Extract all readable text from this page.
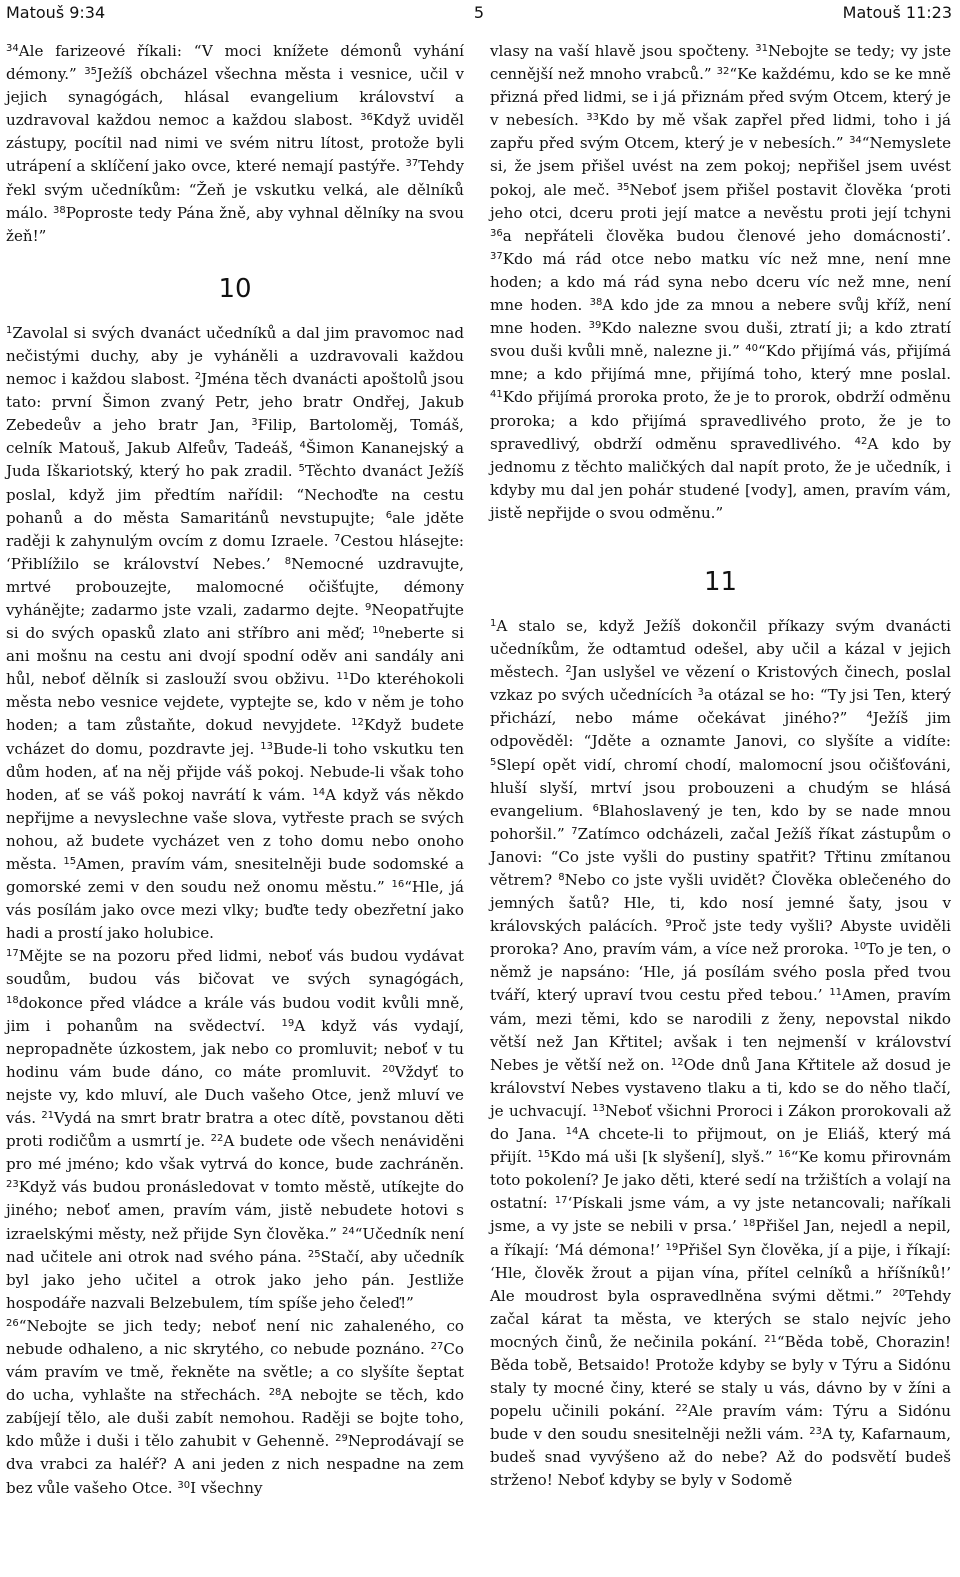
Matouš 9:34	5	Matouš 11:23

$^{34}$Ale farizeové říkali: “V moci knížete démonů vyhání démony.” $^{35}$Ježíš obcházel všechna města i vesnice, učil v jejich synagógách, hlásal evangelium království a uzdravoval každou nemoc a každou slabost. $^{36}$Když uviděl zástupy, pocítil nad nimi ve svém nitru lítost, protože byli utrápení a sklíčení jako ovce, které nemají pastýře. $^{37}$Tehdy řekl svým učedníkům: “Žeň je vskutku velká, ale dělníků málo. $^{38}$Poproste tedy Pána žně, aby vyhnal dělníky na svou žeň!”

10

$^1$Zavolal si svých dvanáct učedníků a dal jim pravomoc nad nečistými duchy, aby je vyháněli a uzdravovali každou nemoc i každou slabost. $^2$Jména těch dvanácti apoštolů jsou tato: první Šimon zvaný Petr, jeho bratr Ondřej, Jakub Zebedeův a jeho bratr Jan, $^3$Filip, Bartoloměj, Tomáš, celník Matouš, Jakub Alfeův, Tadeáš, $^4$Šimon Kananejský a Juda Iškariotský, který ho pak zradil. $^5$Těchto dvanáct Ježíš poslal, když jim předtím nařídil: “Nechoďte na cestu pohanů a do města Samaritánů nevstupujte; $^6$ale jděte raději k zahynulým ovcím z domu Izraele. $^7$Cestou hlásejte: ‘Přiblížilo se království Nebes.’ $^8$Nemocné uzdravujte, mrtvé probouzejte, malomocné očišťujte, démony vyhánějte; zadarmo jste vzali, zadarmo dejte. $^9$Neopatřujte si do svých opasků zlato ani stříbro ani měď; $^{10}$neberte si ani mošnu na cestu ani dvojí spodní oděv ani sandály ani hůl, neboť dělník si zaslouží svou obživu. $^{11}$Do kteréhokoli města nebo vesnice vejdete, vyptejte se, kdo v něm je toho hoden; a tam zůstaňte, dokud nevyjdete. $^{12}$Když budete vcházet do domu, pozdravte jej. $^{13}$Bude-li toho vskutku ten dům hoden, ať na něj přijde váš pokoj. Nebude-li však toho hoden, ať se váš pokoj navrátí k vám. $^{14}$A když vás někdo nepřijme a nevyslechne vaše slova, vytřeste prach se svých nohou, až budete vycházet ven z toho domu nebo onoho města. $^{15}$Amen, pravím vám, snesitelněji bude sodomské a gomorské zemi v den soudu než onomu městu.” $^{16}$“Hle, já vás posílám jako ovce mezi vlky; buďte tedy obezřetní jako hadi a prostí jako holubice.

$^{17}$Mějte se na pozoru před lidmi, neboť vás budou vydávat soudům, budou vás bičovat ve svých synagógách, $^{18}$dokonce před vládce a krále vás budou vodit kvůli mně, jim i pohanům na svědectví. $^{19}$A když vás vydají, nepropadněte úzkostem, jak nebo co promluvit; neboť v tu hodinu vám bude dáno, co máte promluvit. $^{20}$Vždyť to nejste vy, kdo mluví, ale Duch vašeho Otce, jenž mluví ve vás. $^{21}$Vydá na smrt bratr bratra a otec dítě, povstanou děti proti rodičům a usmrtí je. $^{22}$A budete ode všech nenáviděni pro mé jméno; kdo však vytrvá do konce, bude zachráněn. $^{23}$Když vás budou pronásledovat v tomto městě, utíkejte do jiného; neboť amen, pravím vám, jistě nebudete hotovi s izraelskými městy, než přijde Syn člověka.” $^{24}$“Učedník není nad učitele ani otrok nad svého pána. $^{25}$Stačí, aby učedník byl jako jeho učitel a otrok jako jeho pán. Jestliže hospodáře nazvali Belzebulem, tím spíše jeho čeleď!”

$^{26}$“Nebojte se jich tedy; neboť není nic zahaleného, co nebude odhaleno, a nic skrytého, co nebude poznáno. $^{27}$Co vám pravím ve tmě, řekněte na světle; a co slyšíte šeptat do ucha, vyhlašte na střechách. $^{28}$A nebojte se těch, kdo zabíjejí tělo, ale duši zabít nemohou. Raději se bojte toho, kdo může i duši i tělo zahubit v Gehenně. $^{29}$Neprodávají se dva vrabci za haléř? A ani jeden z nich nespadne na zem bez vůle vašeho Otce. $^{30}$I všechny

vlasy na vaší hlavě jsou spočteny. $^{31}$Nebojte se tedy; vy jste cennější než mnoho vrabců.” $^{32}$“Ke každému, kdo se ke mně přizná před lidmi, se i já přiznám před svým Otcem, který je v nebesích. $^{33}$Kdo by mě však zapřel před lidmi, toho i já zapřu před svým Otcem, který je v nebesích.” $^{34}$“Nemyslete si, že jsem přišel uvést na zem pokoj; nepřišel jsem uvést pokoj, ale meč. $^{35}$Neboť jsem přišel postavit člověka ‘proti jeho otci, dceru proti její matce a nevěstu proti její tchyni $^{36}$a nepřáteli člověka budou členové jeho domácnosti’. $^{37}$Kdo má rád otce nebo matku víc než mne, není mne hoden; a kdo má rád syna nebo dceru víc než mne, není mne hoden. $^{38}$A kdo jde za mnou a nebere svůj kříž, není mne hoden. $^{39}$Kdo nalezne svou duši, ztratí ji; a kdo ztratí svou duši kvůli mně, nalezne ji.” $^{40}$“Kdo přijímá vás, přijímá mne; a kdo přijímá mne, přijímá toho, který mne poslal. $^{41}$Kdo přijímá proroka proto, že je to prorok, obdrží odměnu proroka; a kdo přijímá spravedlivého proto, že je to spravedlivý, obdrží odměnu spravedlivého. $^{42}$A kdo by jednomu z těchto maličkých dal napít proto, že je učedník, i kdyby mu dal jen pohár studené [vody], amen, pravím vám, jistě nepřijde o svou odměnu.”

11

$^1$A stalo se, když Ježíš dokončil příkazy svým dvanácti učedníkům, že odtamtud odešel, aby učil a kázal v jejich městech. $^2$Jan uslyšel ve vězení o Kristových činech, poslal vzkaz po svých učednících $^3$a otázal se ho: “Ty jsi Ten, který přichází, nebo máme očekávat jiného?” $^4$Ježíš jim odpověděl: “Jděte a oznamte Janovi, co slyšíte a vidíte: $^5$Slepí opět vidí, chromí chodí, malomocní jsou očišťováni, hluší slyší, mrtví jsou probouzeni a chudým se hlásá evangelium. $^6$Blahoslavený je ten, kdo by se nade mnou pohoršil.” $^7$Zatímco odcházeli, začal Ježíš říkat zástupům o Janovi: “Co jste vyšli do pustiny spatřit? Třtinu zmítanou větrem? $^8$Nebo co jste vyšli uvidět? Člověka oblečeného do jemných šatů? Hle, ti, kdo nosí jemné šaty, jsou v královských palácích. $^9$Proč jste tedy vyšli? Abyste uviděli proroka? Ano, pravím vám, a více než proroka. $^{10}$To je ten, o němž je napsáno: ‘Hle, já posílám svého posla před tvou tváří, který upraví tvou cestu před tebou.’ $^{11}$Amen, pravím vám, mezi těmi, kdo se narodili z ženy, nepovstal nikdo větší než Jan Křtitel; avšak i ten nejmenší v království Nebes je větší než on. $^{12}$Ode dnů Jana Křtitele až dosud je království Nebes vystaveno tlaku a ti, kdo se do něho tlačí, je uchvacují. $^{13}$Neboť všichni Proroci i Zákon prorokovali až do Jana. $^{14}$A chcete-li to přijmout, on je Eliáš, který má přijít. $^{15}$Kdo má uši [k slyšení], slyš.” $^{16}$“Ke komu přirovnám toto pokolení? Je jako děti, které sedí na tržištích a volají na ostatní: $^{17}$‘Pískali jsme vám, a vy jste netancovali; naříkali jsme, a vy jste se nebili v prsa.’ $^{18}$Přišel Jan, nejedl a nepil, a říkají: ‘Má démona!’ $^{19}$Přišel Syn člověka, jí a pije, i říkají: ‘Hle, člověk žrout a pijan vína, přítel celníků a hříšníků!’ Ale moudrost byla ospravedlněna svými dětmi.” $^{20}$Tehdy začal kárat ta města, ve kterých se stalo nejvíc jeho mocných činů, že nečinila pokání. $^{21}$“Běda tobě, Chorazin! Běda tobě, Betsaido! Protože kdyby se byly v Týru a Sidónu staly ty mocné činy, které se staly u vás, dávno by v žíni a popelu učinili pokání. $^{22}$Ale pravím vám: Týru a Sidónu bude v den soudu snesitelněji nežli vám. $^{23}$A ty, Kafarnaum, budeš snad vyvýšeno až do nebe? Až do podsvětí budeš strženo! Neboť kdyby se byly v Sodomě
